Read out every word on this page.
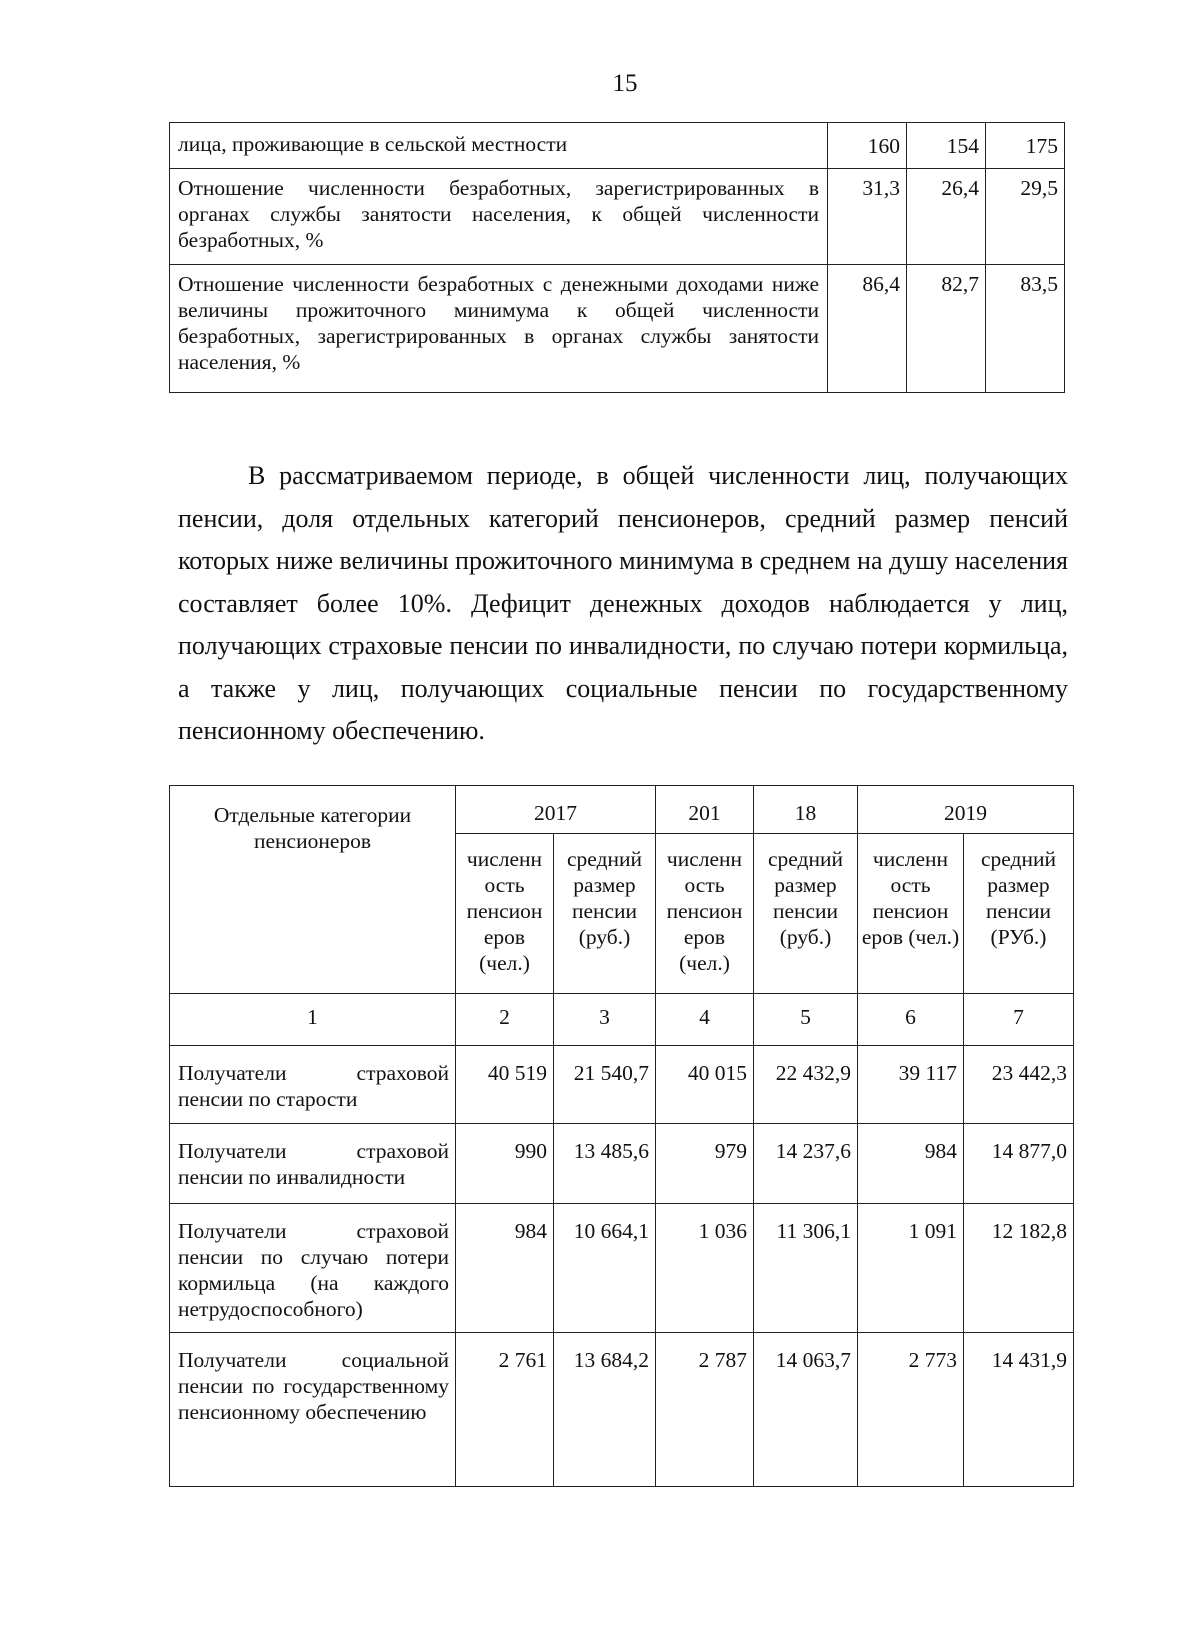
15
лица, проживающие в сельской местности	160	154	175
Отношение численности безработных, зарегистрированных в органах службы занятости населения, к общей численности безработных, %	31,3	26,4	29,5
Отношение численности безработных с денежными доходами ниже величины прожиточного минимума к общей численности безработных, зарегистрированных в органах службы занятости населения, %	86,4	82,7	83,5
В рассматриваемом периоде, в общей численности лиц, получающих пенсии, доля отдельных категорий пенсионеров, средний размер пенсий которых ниже величины прожиточного минимума в среднем на душу населения составляет более 10%. Дефицит денежных доходов наблюдается у лиц, получающих страховые пенсии по инвалидности, по случаю потери кормильца, а также у лиц, получающих социальные пенсии по государственному пенсионному обеспечению.
Отдельные категории пенсионеров	2017		201	18	2019	
	численн ость пенсион еров (чел.)	средний размер пенсии (руб.)	численн ость пенсион еров (чел.)	средний размер пенсии (руб.)	численн ость пенсион еров (чел.)	средний размер пенсии (РУб.)
1	2	3	4	5	6	7
Получатели страховой пенсии по старости	40 519	21 540,7	40 015	22 432,9	39 117	23 442,3
Получатели страховой пенсии по инвалидности	990	13 485,6	979	14 237,6	984	14 877,0
Получатели страховой пенсии по случаю потери кормильца (на каждого нетрудоспособного)	984	10 664,1	1 036	11 306,1	1 091	12 182,8
Получатели социальной пенсии по государственному пенсионному обеспечению	2 761	13 684,2	2 787	14 063,7	2 773	14 431,9
